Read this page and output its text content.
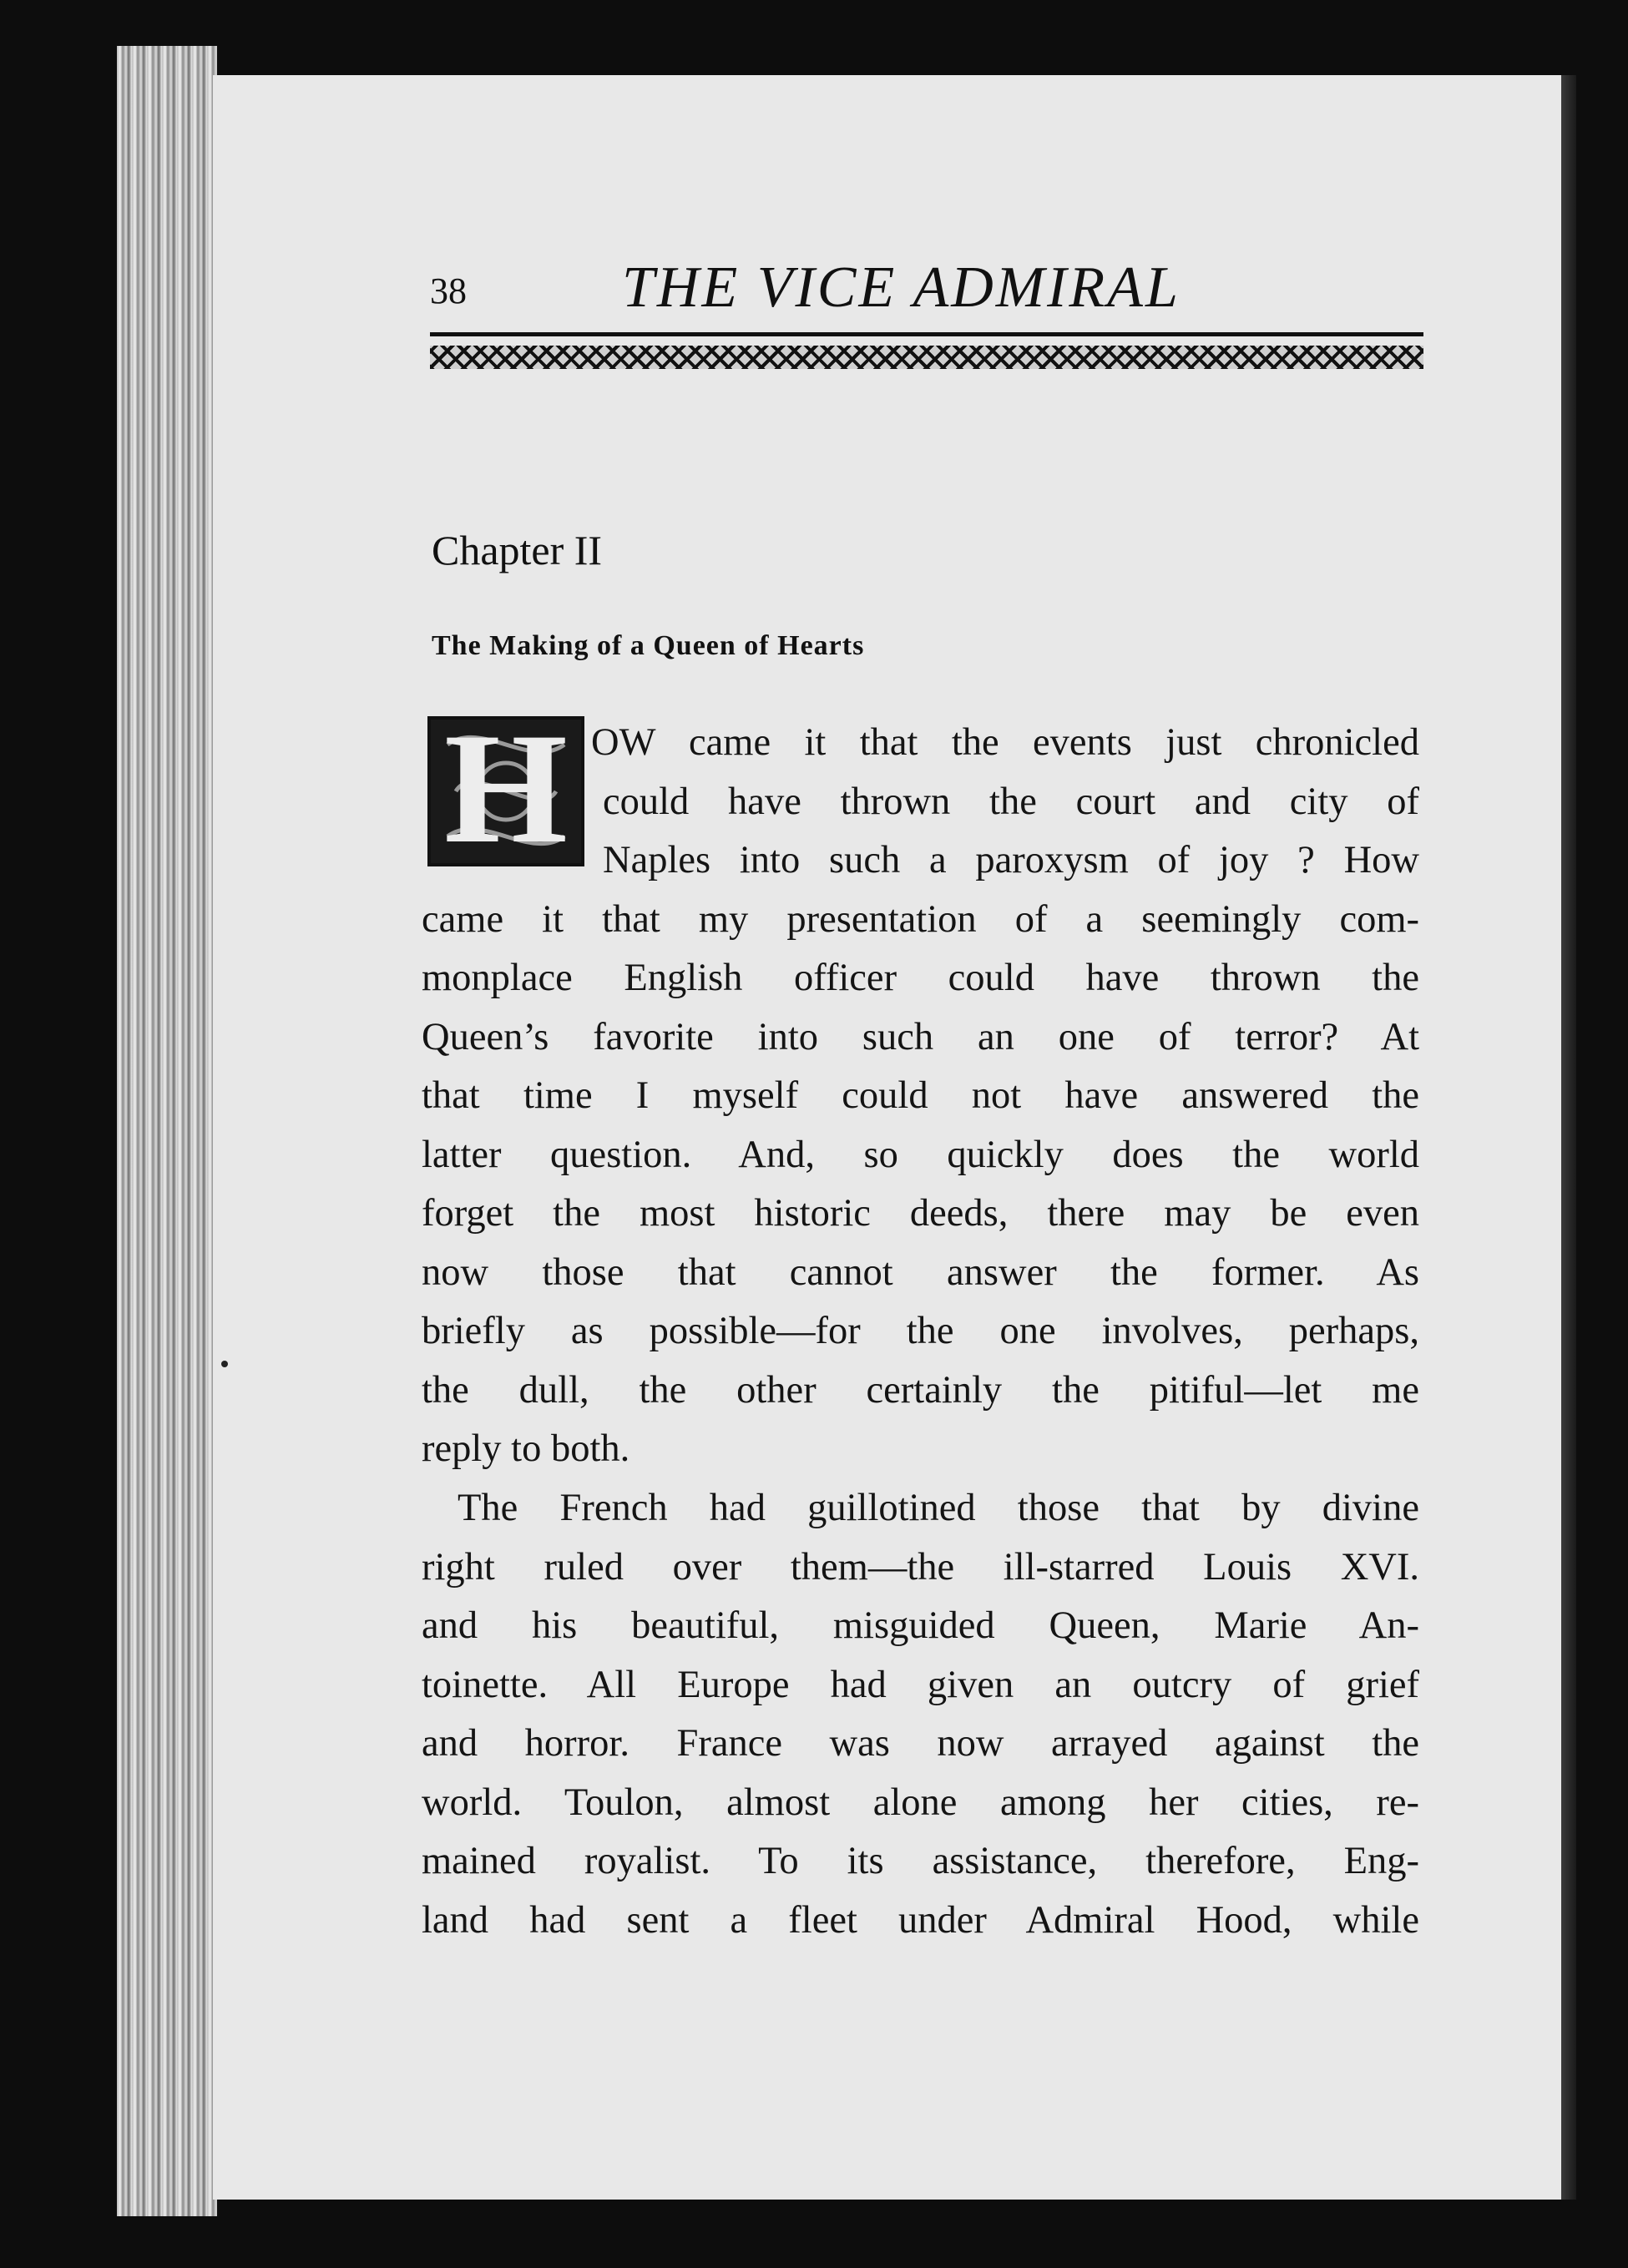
38	THE VICE ADMIRAL
Chapter II
The Making of a Queen of Hearts
H OW came it that the events just chronicled
could have thrown the court and city of
Naples into such a paroxysm of joy ? How
came it that my presentation of a seemingly com-
monplace English officer could have thrown the
Queen’s favorite into such an one of terror? At
that time I myself could not have answered the
latter question. And, so quickly does the world
forget the most historic deeds, there may be even
now those that cannot answer the former. As
briefly as possible—for the one involves, perhaps,
the dull, the other certainly the pitiful—let me
reply to both.
The French had guillotined those that by divine
right ruled over them—the ill-starred Louis XVI.
and his beautiful, misguided Queen, Marie An-
toinette. All Europe had given an outcry of grief
and horror. France was now arrayed against the
world. Toulon, almost alone among her cities, re-
mained royalist. To its assistance, therefore, Eng-
land had sent a fleet under Admiral Hood, while
